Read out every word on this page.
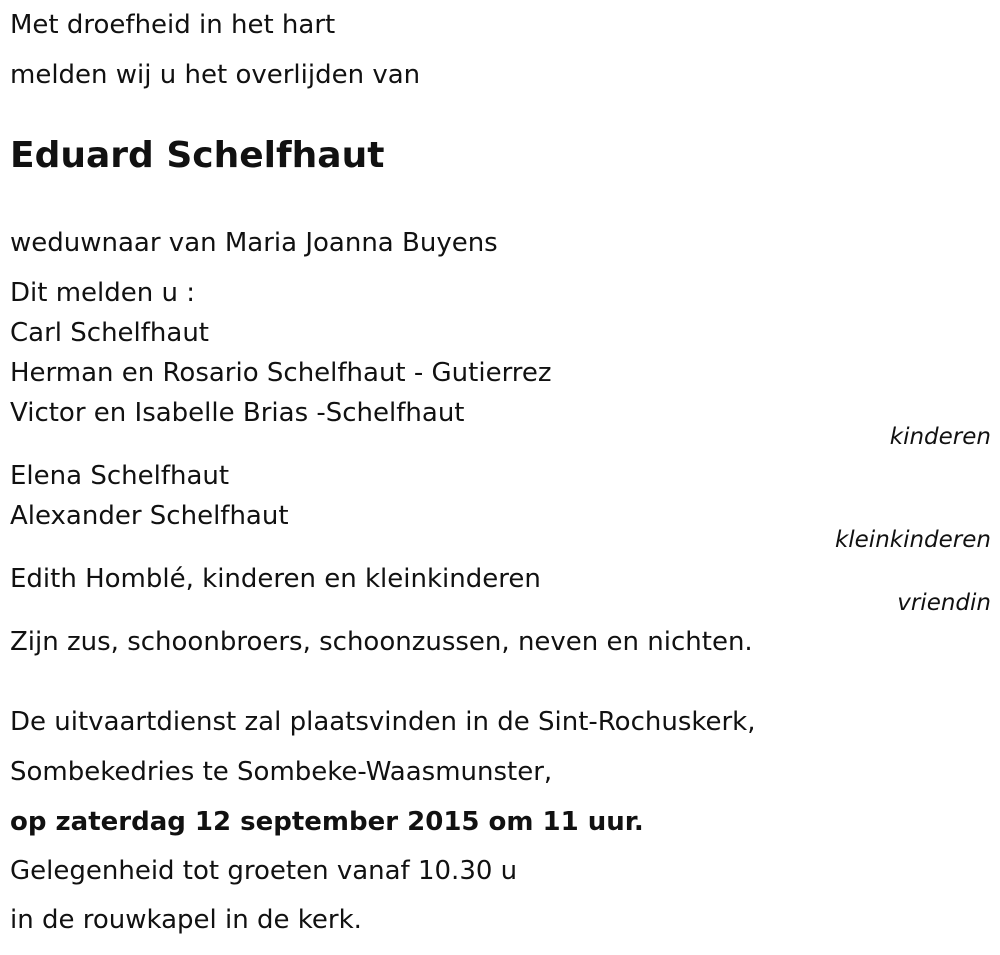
Met droefheid in het hart
melden wij u het overlijden van
Eduard Schelfhaut
weduwnaar van Maria Joanna Buyens
Dit melden u :
Carl Schelfhaut
Herman en Rosario Schelfhaut - Gutierrez
Victor en Isabelle Brias -Schelfhaut
kinderen
Elena Schelfhaut
Alexander Schelfhaut
kleinkinderen
Edith Homblé, kinderen en kleinkinderen
vriendin
Zijn zus, schoonbroers, schoonzussen, neven en nichten.
De uitvaartdienst zal plaatsvinden in de Sint-Rochuskerk,
Sombekedries te Sombeke-Waasmunster,
op zaterdag 12 september 2015 om 11 uur.
Gelegenheid tot groeten vanaf 10.30 u
in de rouwkapel in de kerk.
